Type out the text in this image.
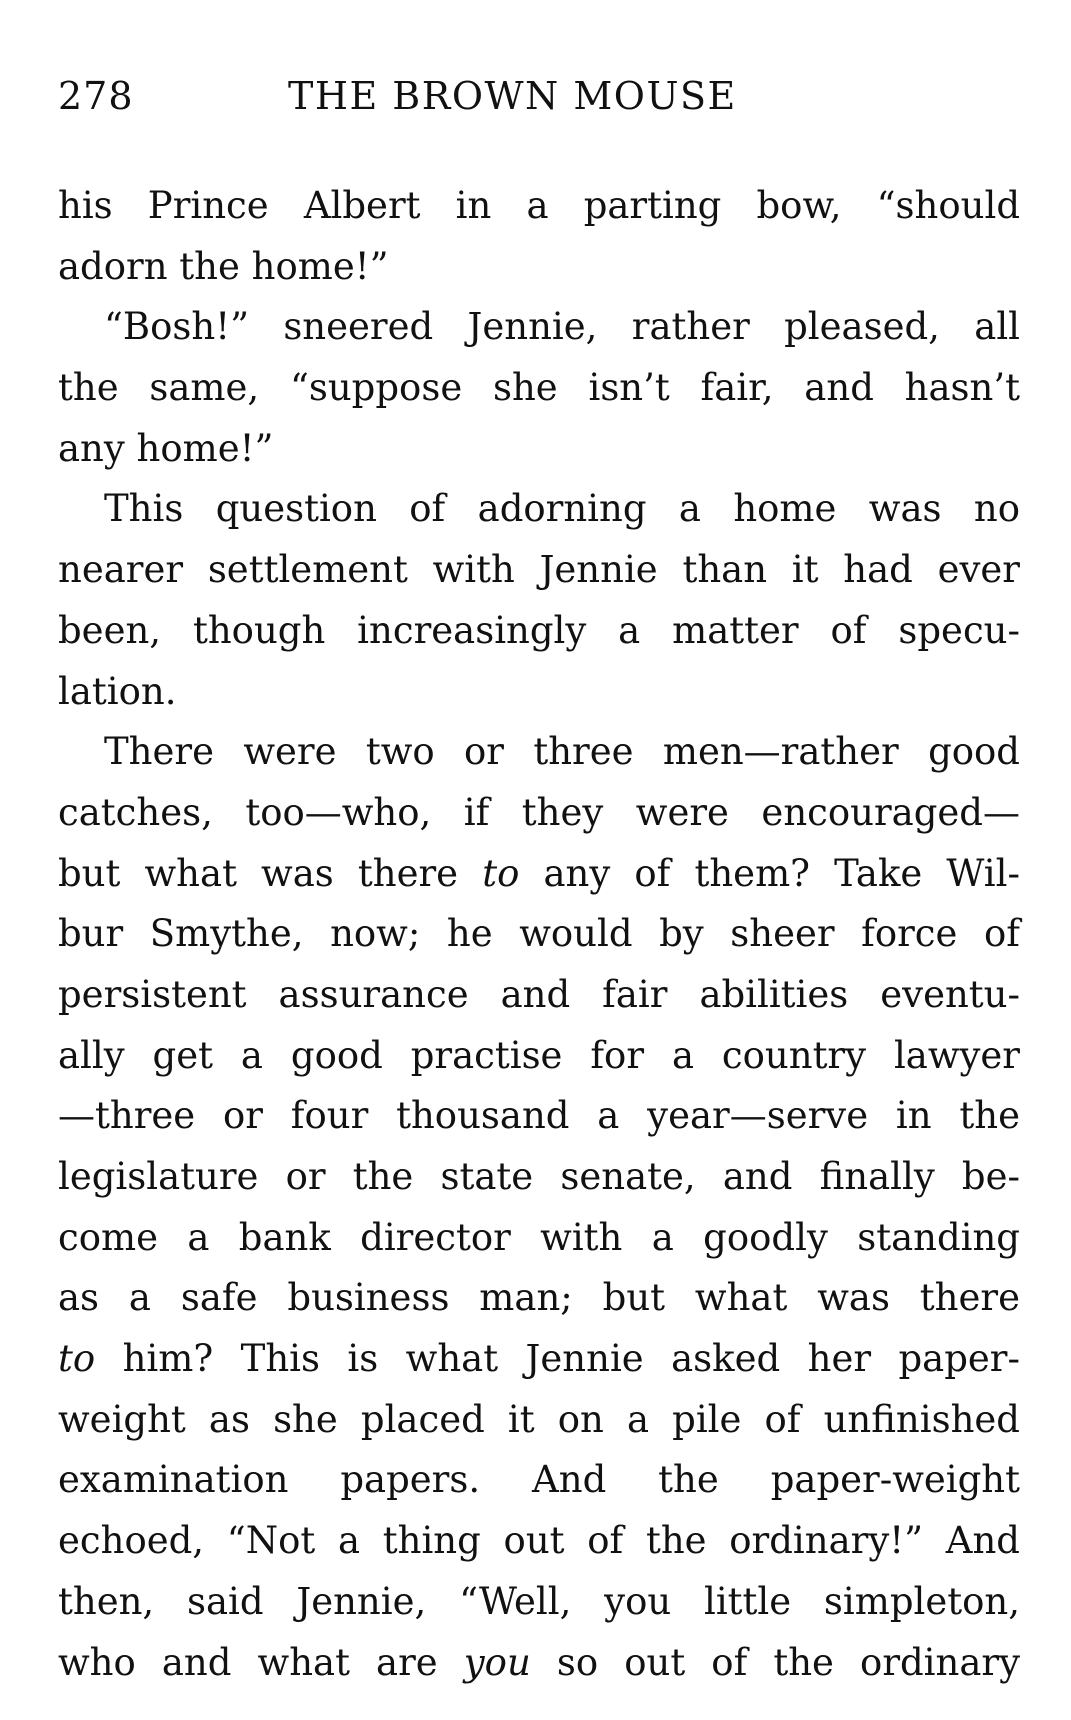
278	THE BROWN MOUSE
his Prince Albert in a parting bow, “should
adorn the home!”
“Bosh!” sneered Jennie, rather pleased, all
the same, “suppose she isn’t fair, and hasn’t
any home!”
This question of adorning a home was no
nearer settlement with Jennie than it had ever
been, though increasingly a matter of specu-
lation.
There were two or three men—rather good
catches, too—who, if they were encouraged—
but what was there to any of them? Take Wil-
bur Smythe, now; he would by sheer force of
persistent assurance and fair abilities eventu-
ally get a good practise for a country lawyer
—three or four thousand a year—serve in the
legislature or the state senate, and finally be-
come a bank director with a goodly standing
as a safe business man; but what was there
to him? This is what Jennie asked her paper-
weight as she placed it on a pile of unfinished
examination papers. And the paper-weight
echoed, “Not a thing out of the ordinary!” And
then, said Jennie, “Well, you little simpleton,
who and what are you so out of the ordinary
